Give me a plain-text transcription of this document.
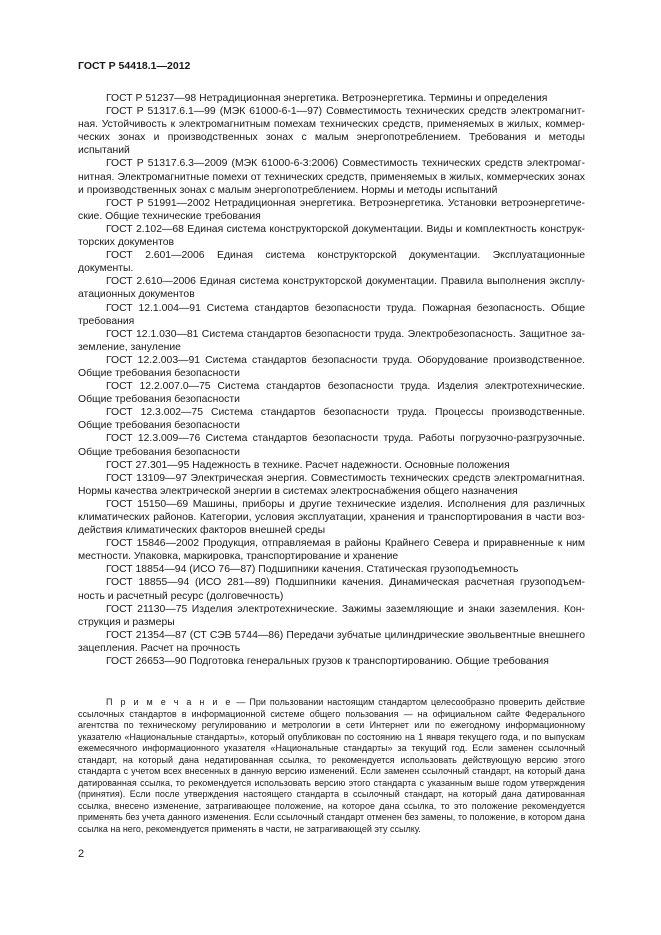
ГОСТ Р 54418.1—2012

ГОСТ Р 51237—98 Нетрадиционная энергетика. Ветроэнергетика. Термины и определения

ГОСТ Р 51317.6.1—99 (МЭК 61000-6-1—97) Совместимость технических средств электромагнитная. Устойчивость к электромагнитным помехам технических средств, применяемых в жилых, коммерческих зонах и производственных зонах с малым энергопотреблением. Требования и методы испытаний

ГОСТ Р 51317.6.3—2009 (МЭК 61000-6-3:2006) Совместимость технических средств электромагнитная. Электромагнитные помехи от технических средств, применяемых в жилых, коммерческих зонах и производственных зонах с малым энергопотреблением. Нормы и методы испытаний

ГОСТ Р 51991—2002 Нетрадиционная энергетика. Ветроэнергетика. Установки ветроэнергетические. Общие технические требования

ГОСТ 2.102—68 Единая система конструкторской документации. Виды и комплектность конструкторских документов

ГОСТ 2.601—2006 Единая система конструкторской документации. Эксплуатационные документы.

ГОСТ 2.610—2006 Единая система конструкторской документации. Правила выполнения эксплуатационных документов

ГОСТ 12.1.004—91 Система стандартов безопасности труда. Пожарная безопасность. Общие требования

ГОСТ 12.1.030—81 Система стандартов безопасности труда. Электробезопасность. Защитное заземление, зануление

ГОСТ 12.2.003—91 Система стандартов безопасности труда. Оборудование производственное. Общие требования безопасности

ГОСТ 12.2.007.0—75 Система стандартов безопасности труда. Изделия электротехнические. Общие требования безопасности

ГОСТ 12.3.002—75 Система стандартов безопасности труда. Процессы производственные. Общие требования безопасности

ГОСТ 12.3.009—76 Система стандартов безопасности труда. Работы погрузочно-разгрузочные. Общие требования безопасности

ГОСТ 27.301—95 Надежность в технике. Расчет надежности. Основные положения

ГОСТ 13109—97 Электрическая энергия. Совместимость технических средств электромагнитная. Нормы качества электрической энергии в системах электроснабжения общего назначения

ГОСТ 15150—69 Машины, приборы и другие технические изделия. Исполнения для различных климатических районов. Категории, условия эксплуатации, хранения и транспортирования в части воздействия климатических факторов внешней среды

ГОСТ 15846—2002 Продукция, отправляемая в районы Крайнего Севера и приравненные к ним местности. Упаковка, маркировка, транспортирование и хранение

ГОСТ 18854—94 (ИСО 76—87) Подшипники качения. Статическая грузоподъемность

ГОСТ 18855—94 (ИСО 281—89) Подшипники качения. Динамическая расчетная грузоподъемность и расчетный ресурс (долговечность)

ГОСТ 21130—75 Изделия электротехнические. Зажимы заземляющие и знаки заземления. Конструкция и размеры

ГОСТ 21354—87 (СТ СЭВ 5744—86) Передачи зубчатые цилиндрические эвольвентные внешнего зацепления. Расчет на прочность

ГОСТ 26653—90 Подготовка генеральных грузов к транспортированию. Общие требования

П р и м е ч а н и е — При пользовании настоящим стандартом целесообразно проверить действие ссылочных стандартов в информационной системе общего пользования — на официальном сайте Федерального агентства по техническому регулированию и метрологии в сети Интернет или по ежегодному информационному указателю «Национальные стандарты», который опубликован по состоянию на 1 января текущего года, и по выпускам ежемесячного информационного указателя «Национальные стандарты» за текущий год. Если заменен ссылочный стандарт, на который дана недатированная ссылка, то рекомендуется использовать действующую версию этого стандарта с учетом всех внесенных в данную версию изменений. Если заменен ссылочный стандарт, на который дана датированная ссылка, то рекомендуется использовать версию этого стандарта с указанным выше годом утверждения (принятия). Если после утверждения настоящего стандарта в ссылочный стандарт, на который дана датированная ссылка, внесено изменение, затрагивающее положение, на которое дана ссылка, то это положение рекомендуется применять без учета данного изменения. Если ссылочный стандарт отменен без замены, то положение, в котором дана ссылка на него, рекомендуется применять в части, не затрагивающей эту ссылку.

2
